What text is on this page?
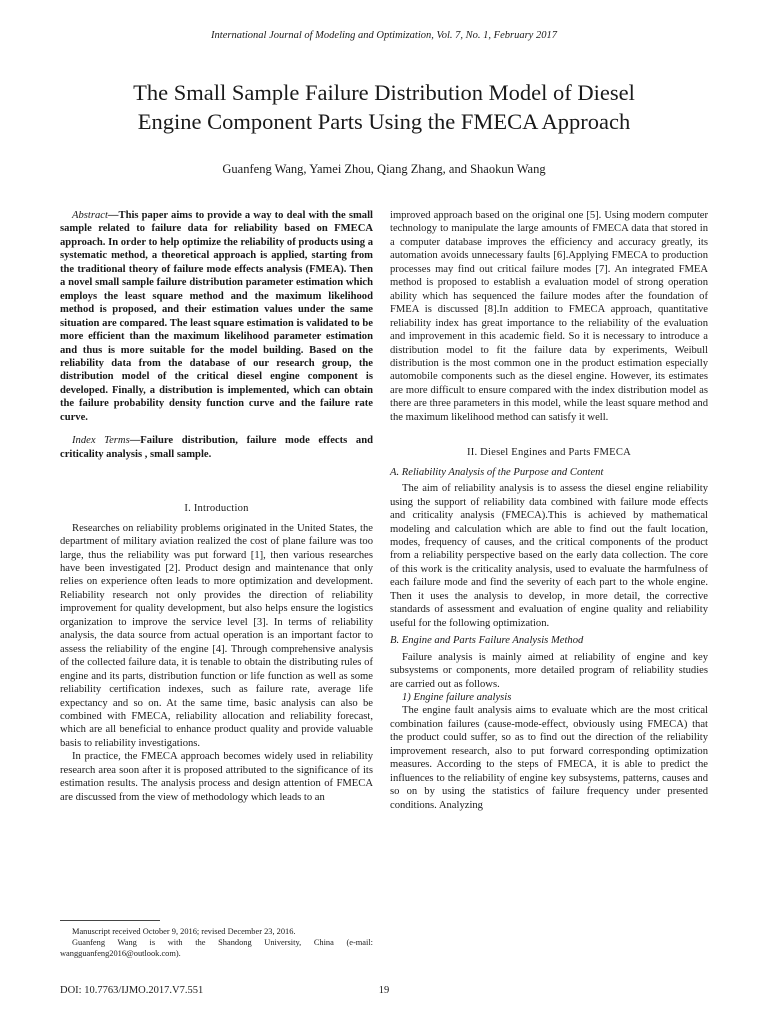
International Journal of Modeling and Optimization, Vol. 7, No. 1, February 2017
The Small Sample Failure Distribution Model of Diesel
Engine Component Parts Using the FMECA Approach
Guanfeng Wang, Yamei Zhou, Qiang Zhang, and Shaokun Wang

Abstract—This paper aims to provide a way to deal with the small sample related to failure data for reliability based on FMECA approach. In order to help optimize the reliability of products using a systematic method, a theoretical approach is applied, starting from the traditional theory of failure mode effects analysis (FMEA). Then a novel small sample failure distribution parameter estimation which employs the least square method and the maximum likelihood method is proposed, and their estimation values under the same situation are compared. The least square estimation is validated to be more efficient than the maximum likelihood parameter estimation and thus is more suitable for the model building. Based on the reliability data from the database of our research group, the distribution model of the critical diesel engine component is developed. Finally, a distribution is implemented, which can obtain the failure probability density function curve and the failure rate curve.

Index Terms—Failure distribution, failure mode effects and criticality analysis , small sample.

I. Introduction

Researches on reliability problems originated in the United States, the department of military aviation realized the cost of plane failure was too large, thus the reliability was put forward [1], then various researches have been investigated [2]. Product design and maintenance that only relies on experience often leads to more optimization and development. Reliability research not only provides the direction of reliability improvement for quality development, but also helps ensure the logistics organization to improve the service level [3]. In terms of reliability analysis, the data source from actual operation is an important factor to assess the reliability of the engine [4]. Through comprehensive analysis of the collected failure data, it is tenable to obtain the distributing rules of engine and its parts, distribution function or life function as well as some reliability certification indexes, such as failure rate, average life expectancy and so on. At the same time, basic analysis can also be combined with FMECA, reliability allocation and reliability forecast, which are all beneficial to enhance product quality and provide valuable basis to reliability investigations.

In practice, the FMECA approach becomes widely used in reliability research area soon after it is proposed attributed to the significance of its estimation results. The analysis process and design attention of FMECA are discussed from the view of methodology which leads to an

improved approach based on the original one [5]. Using modern computer technology to manipulate the large amounts of FMECA data that stored in a computer database improves the efficiency and accuracy greatly, its automation avoids unnecessary faults [6].Applying FMECA to production processes may find out critical failure modes [7]. An integrated FMEA method is proposed to establish a evaluation model of strong operation ability which has sequenced the failure modes after the foundation of FMEA is discussed [8].In addition to FMECA approach, quantitative reliability index has great importance to the reliability of the evaluation and improvement in this academic field. So it is necessary to introduce a distribution model to fit the failure data by experiments, Weibull distribution is the most common one in the product estimation especially automobile components such as the diesel engine. However, its estimates are more difficult to ensure compared with the index distribution model as there are three parameters in this model, while the least square method and the maximum likelihood method can satisfy it well.

II. Diesel Engines and Parts FMECA

A. Reliability Analysis of the Purpose and Content

The aim of reliability analysis is to assess the diesel engine reliability using the support of reliability data combined with failure mode effects and criticality analysis (FMECA).This is achieved by mathematical modeling and calculation which are able to find out the fault location, modes, frequency of causes, and the critical components of the product from a reliability perspective based on the early data collection. The core of this work is the criticality analysis, used to evaluate the harmfulness of each failure mode and find the severity of each part to the whole engine. Then it uses the analysis to develop, in more detail, the corrective standards of assessment and evaluation of engine quality and reliability useful for the following optimization.

B. Engine and Parts Failure Analysis Method

Failure analysis is mainly aimed at reliability of engine and key subsystems or components, more detailed program of reliability studies are carried out as follows.

1) Engine failure analysis

The engine fault analysis aims to evaluate which are the most critical combination failures (cause-mode-effect, obviously using FMECA) that the product could suffer, so as to find out the direction of the reliability improvement research, also to put forward corresponding optimization measures. According to the steps of FMECA, it is able to predict the influences to the reliability of engine key subsystems, patterns, causes and so on by using the statistics of failure frequency under presented conditions. Analyzing

Manuscript received October 9, 2016; revised December 23, 2016.

Guanfeng Wang is with the Shandong University, China (e-mail: wangguanfeng2016@outlook.com).

DOI: 10.7763/IJMO.2017.V7.551	19
